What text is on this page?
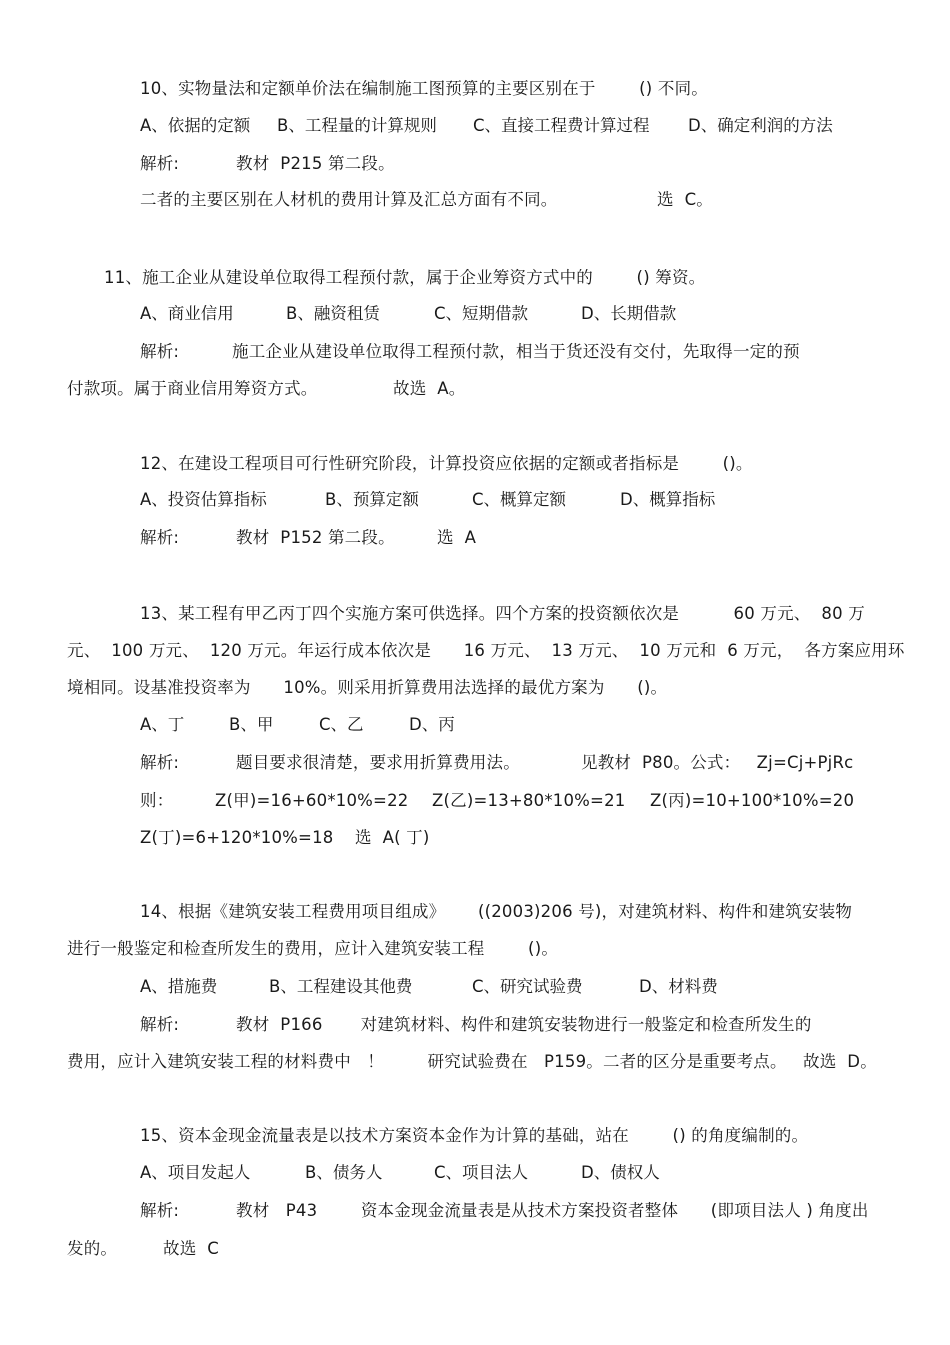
10、实物量法和定额单价法在编制施工图预算的主要区别在于        () 不同。
A、依据的定额 B、工程量的计算规则 C、直接工程费计算过程 D、确定利润的方法
解析:	教材  P215 第二段。
二者的主要区别在人材机的费用计算及汇总方面有不同。	选  C。
11、施工企业从建设单位取得工程预付款，属于企业筹资方式中的        () 筹资。
A、商业信用	B、融资租赁	C、短期借款	D、长期借款
解析:	施工企业从建设单位取得工程预付款，相当于货还没有交付，先取得一定的预
付款项。属于商业信用筹资方式。	故选  A。
12、在建设工程项目可行性研究阶段，计算投资应依据的定额或者指标是        ()。
A、投资估算指标	B、预算定额	C、概算定额	D、概算指标
解析:	教材  P152 第二段。	选  A
13、某工程有甲乙丙丁四个实施方案可供选择。四个方案的投资额依次是          60 万元、  80 万
元、  100 万元、  120 万元。年运行成本依次是      16 万元、  13 万元、  10 万元和  6 万元，  各方案应用环
境相同。设基准投资率为      10%。则采用折算费用法选择的最优方案为      ()。
A、丁	B、甲	C、乙	D、丙
解析:	题目要求很清楚，要求用折算费用法。	见教材  P80。公式：   Zj=Cj+PjRc
则：	Z(甲)=16+60*10%=22 Z(乙)=13+80*10%=21 Z(丙)=10+100*10%=20
Z(丁)=6+120*10%=18 选  A( 丁)
14、根据《建筑安装工程费用项目组成》      ((2003)206 号)，对建筑材料、构件和建筑安装物
进行一般鉴定和检查所发生的费用，应计入建筑安装工程        ()。
A、措施费	B、工程建设其他费	C、研究试验费	D、材料费
解析:	教材  P166       对建筑材料、构件和建筑安装物进行一般鉴定和检查所发生的
费用，应计入建筑安装工程的材料费中   ！        研究试验费在   P159。二者的区分是重要考点。   故选  D。
15、资本金现金流量表是以技术方案资本金作为计算的基础，站在        () 的角度编制的。
A、项目发起人	B、债务人	C、项目法人	D、债权人
解析:	教材   P43        资本金现金流量表是从技术方案投资者整体      (即项目法人 ) 角度出
发的。	故选  C
